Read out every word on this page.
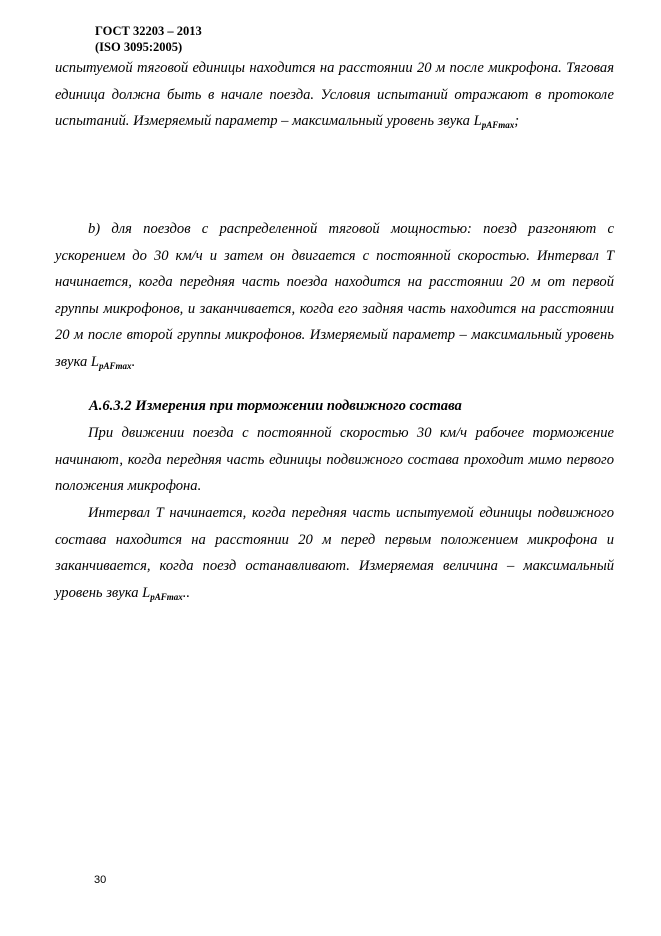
ГОСТ 32203 – 2013
(ISO 3095:2005)
испытуемой тяговой единицы находится на расстоянии 20 м после микрофона. Тяговая единица должна быть в начале поезда. Условия испытаний отражают в протоколе испытаний. Измеряемый параметр – максимальный уровень звука $L_{pAFmax}$;
b) для поездов с распределенной тяговой мощностью: поезд разгоняют с ускорением до 30 км/ч и затем он двигается с постоянной скоростью. Интервал Т начинается, когда передняя часть поезда находится на расстоянии 20 м от первой группы микрофонов, и заканчивается, когда его задняя часть находится на расстоянии 20 м после второй группы микрофонов. Измеряемый параметр – максимальный уровень звука $L_{pAFmax}$.
А.6.3.2 Измерения при торможении подвижного состава
При движении поезда с постоянной скоростью 30 км/ч рабочее торможение начинают, когда передняя часть единицы подвижного состава проходит мимо первого положения микрофона.
Интервал Т начинается, когда передняя часть испытуемой единицы подвижного состава находится на расстоянии 20 м перед первым положением микрофона и заканчивается, когда поезд останавливают. Измеряемая величина – максимальный уровень звука $L_{pAFmax}$..
30
